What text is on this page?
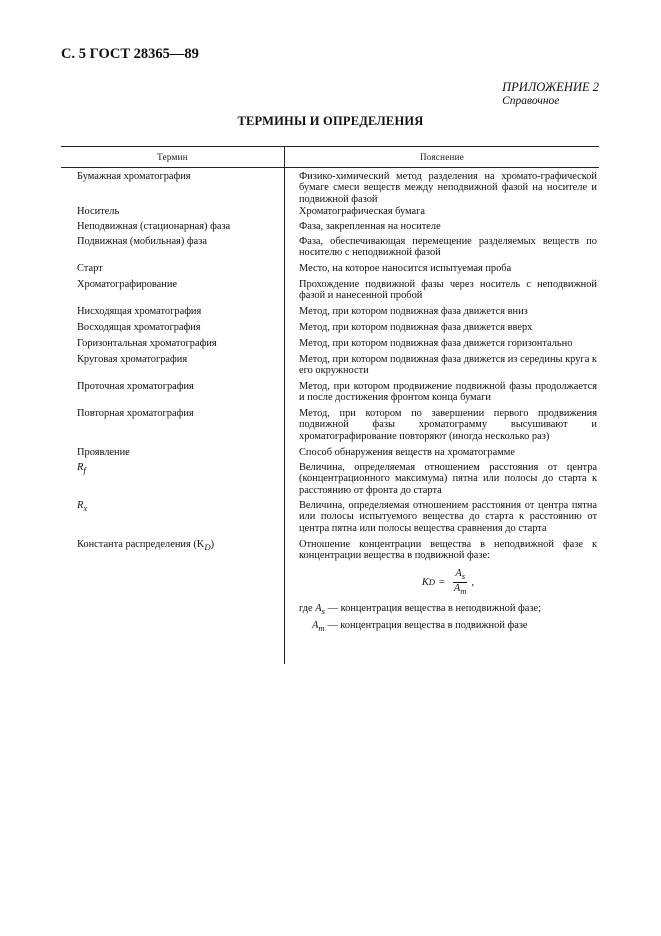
С. 5 ГОСТ 28365—89
ПРИЛОЖЕНИЕ 2
Справочное
ТЕРМИНЫ И ОПРЕДЕЛЕНИЯ
Термин	Пояснение
Бумажная хроматография	Физико-химический метод разделения на хромато-графической бумаге смеси веществ между неподвижной фазой на носителе и подвижной фазой
Носитель	Хроматографическая бумага
Неподвижная (стационарная) фаза	Фаза, закрепленная на носителе
Подвижная (мобильная) фаза	Фаза, обеспечивающая перемещение разделяемых веществ по носителю с неподвижной фазой
Старт	Место, на которое наносится испытуемая проба
Хроматографирование	Прохождение подвижной фазы через носитель с неподвижной фазой и нанесенной пробой
Нисходящая хроматография	Метод, при котором подвижная фаза движется вниз
Восходящая хроматография	Метод, при котором подвижная фаза движется вверх
Горизонтальная хроматография	Метод, при котором подвижная фаза движется горизонтально
Круговая хроматография	Метод, при котором подвижная фаза движется из середины круга к его окружности
Проточная хроматография	Метод, при котором продвижение подвижной фазы продолжается и после достижения фронтом конца бумаги
Повторная хроматография	Метод, при котором по завершении первого продвижения подвижной фазы хроматограмму высушивают и хроматографирование повторяют (иногда несколько раз)
Проявление	Способ обнаружения веществ на хроматограмме
$R_f$	Величина, определяемая отношением расстояния от центра (концентрационного максимума) пятна или полосы до старта к расстоянию от фронта до старта
$R_x$	Величина, определяемая отношением расстояния от центра пятна или полосы испытуемого вещества до старта к расстоянию от центра пятна или полосы вещества сравнения до старта
Константа распределения $(K_D)$	Отношение концентрации вещества в неподвижной фазе к концентрации вещества в подвижной фазе:
K $D = \frac{A_s}{A_m}$ ,
где $A_s$ — концентрация вещества в неподвижной фазе;
$A_m$ — концентрация вещества в подвижной фазе
